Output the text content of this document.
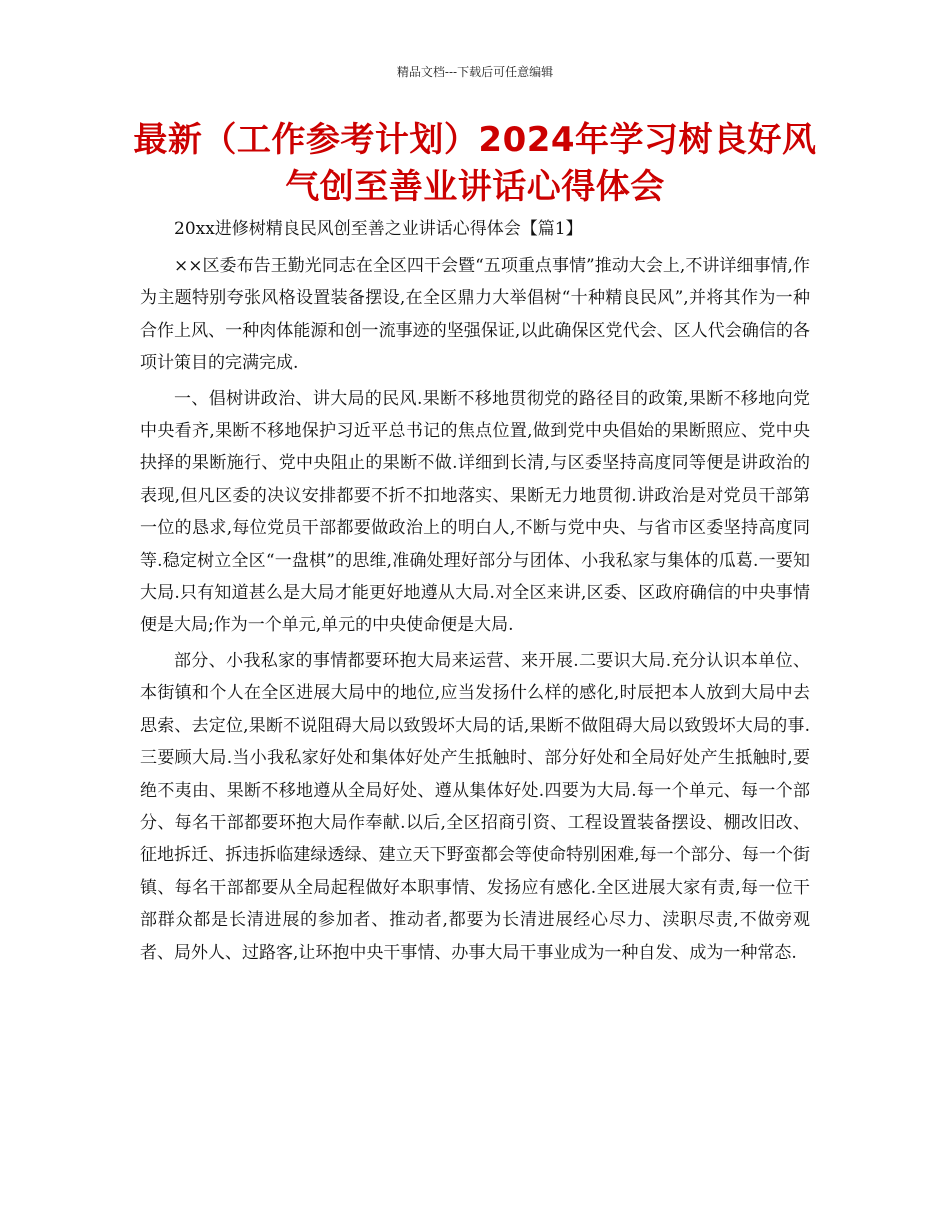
精品文档---下载后可任意编辑
最新（工作参考计划）2024年学习树良好风气创至善业讲话心得体会

20xx进修树精良民风创至善之业讲话心得体会【篇1】

××区委布告王勤光同志在全区四干会暨“五项重点事情”推动大会上,不讲详细事情,作为主题特别夸张风格设置装备摆设,在全区鼎力大举倡树“十种精良民风”,并将其作为一种合作上风、一种肉体能源和创一流事迹的坚强保证,以此确保区党代会、区人代会确信的各项计策目的完满完成.

一、倡树讲政治、讲大局的民风.果断不移地贯彻党的路径目的政策,果断不移地向党中央看齐,果断不移地保护习近平总书记的焦点位置,做到党中央倡始的果断照应、党中央抉择的果断施行、党中央阻止的果断不做.详细到长清,与区委坚持高度同等便是讲政治的表现,但凡区委的决议安排都要不折不扣地落实、果断无力地贯彻.讲政治是对党员干部第一位的恳求,每位党员干部都要做政治上的明白人,不断与党中央、与省市区委坚持高度同等.稳定树立全区“一盘棋”的思维,准确处理好部分与团体、小我私家与集体的瓜葛.一要知大局.只有知道甚么是大局才能更好地遵从大局.对全区来讲,区委、区政府确信的中央事情便是大局;作为一个单元,单元的中央使命便是大局.

部分、小我私家的事情都要环抱大局来运营、来开展.二要识大局.充分认识本单位、本街镇和个人在全区进展大局中的地位,应当发扬什么样的感化,时辰把本人放到大局中去思索、去定位,果断不说阻碍大局以致毁坏大局的话,果断不做阻碍大局以致毁坏大局的事.三要顾大局.当小我私家好处和集体好处产生抵触时、部分好处和全局好处产生抵触时,要绝不夷由、果断不移地遵从全局好处、遵从集体好处.四要为大局.每一个单元、每一个部分、每名干部都要环抱大局作奉献.以后,全区招商引资、工程设置装备摆设、棚改旧改、征地拆迁、拆违拆临建绿透绿、建立天下野蛮都会等使命特别困难,每一个部分、每一个街镇、每名干部都要从全局起程做好本职事情、发扬应有感化.全区进展大家有责,每一位干部群众都是长清进展的参加者、推动者,都要为长清进展经心尽力、渎职尽责,不做旁观者、局外人、过路客,让环抱中央干事情、办事大局干事业成为一种自发、成为一种常态.
